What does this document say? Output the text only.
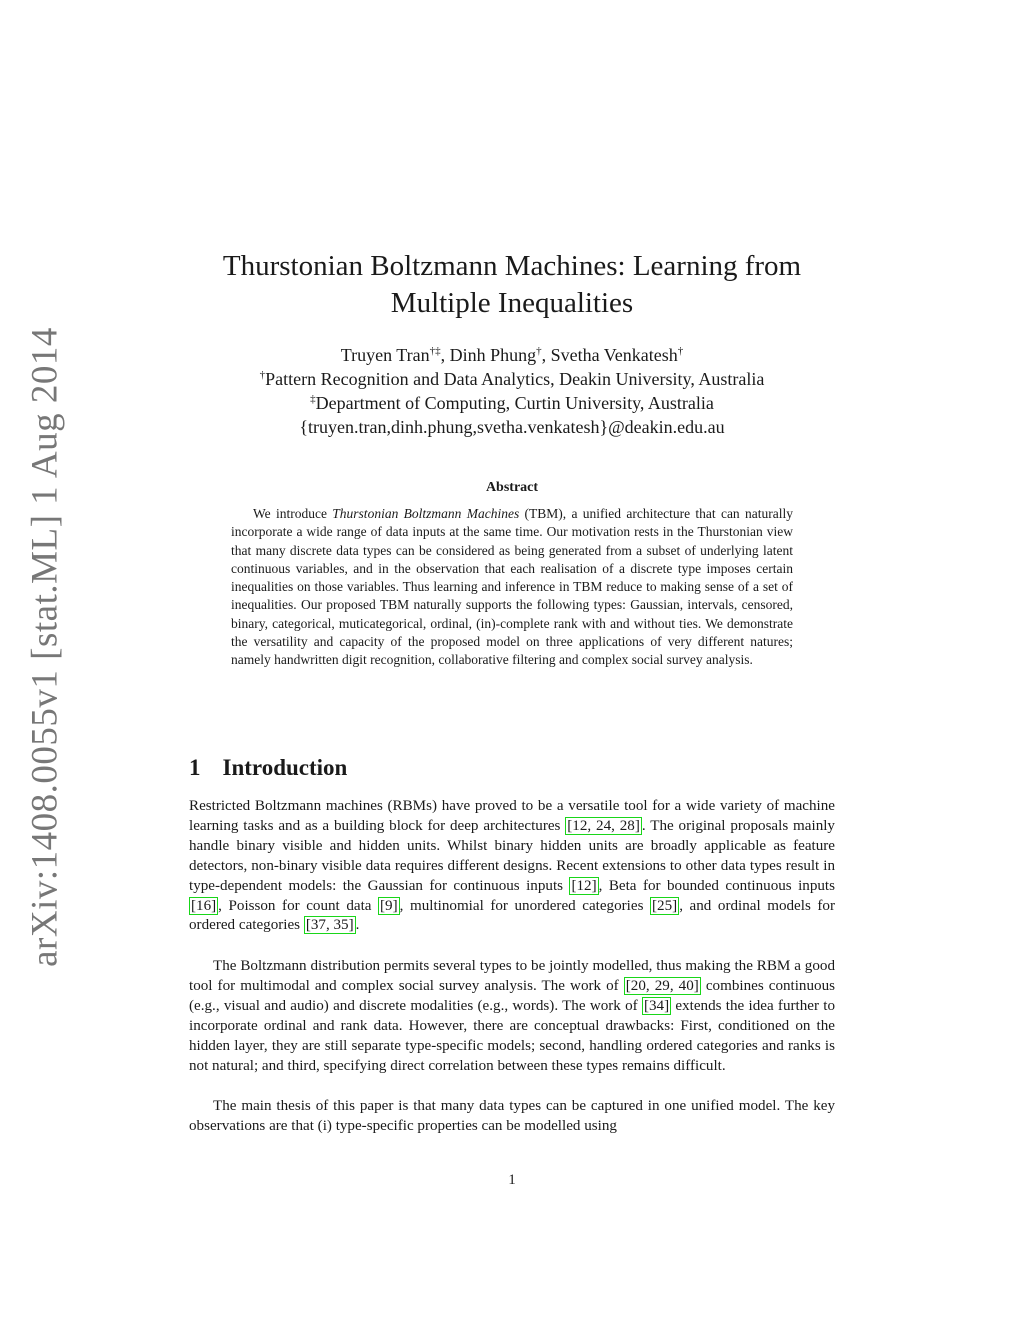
arXiv:1408.0055v1 [stat.ML] 1 Aug 2014
Thurstonian Boltzmann Machines: Learning from
Multiple Inequalities
Truyen Tran†‡, Dinh Phung†, Svetha Venkatesh†
†Pattern Recognition and Data Analytics, Deakin University, Australia
‡Department of Computing, Curtin University, Australia
{truyen.tran,dinh.phung,svetha.venkatesh}@deakin.edu.au
Abstract

We introduce Thurstonian Boltzmann Machines (TBM), a unified architecture that can naturally incorporate a wide range of data inputs at the same time. Our motivation rests in the Thurstonian view that many discrete data types can be considered as being generated from a subset of underlying latent continuous variables, and in the observation that each realisation of a discrete type imposes certain inequalities on those variables. Thus learning and inference in TBM reduce to making sense of a set of inequalities. Our proposed TBM naturally supports the following types: Gaussian, intervals, censored, binary, categorical, muticategorical, ordinal, (in)-complete rank with and without ties. We demonstrate the versatility and capacity of the proposed model on three applications of very different natures; namely handwritten digit recognition, collaborative filtering and complex social survey analysis.

1 Introduction

Restricted Boltzmann machines (RBMs) have proved to be a versatile tool for a wide variety of machine learning tasks and as a building block for deep architectures [12, 24, 28] . The original proposals mainly handle binary visible and hidden units. Whilst binary hidden units are broadly applicable as feature detectors, non-binary visible data requires different designs. Recent extensions to other data types result in type-dependent models: the Gaussian for continuous inputs [12] , Beta for bounded continuous inputs [16] , Poisson for count data [9] , multinomial for unordered categories [25] , and ordinal models for ordered categories [37, 35] .

The Boltzmann distribution permits several types to be jointly modelled, thus making the RBM a good tool for multimodal and complex social survey analysis. The work of [20, 29, 40] combines continuous (e.g., visual and audio) and discrete modalities (e.g., words). The work of [34] extends the idea further to incorporate ordinal and rank data. However, there are conceptual drawbacks: First, conditioned on the hidden layer, they are still separate type-specific models; second, handling ordered categories and ranks is not natural; and third, specifying direct correlation between these types remains difficult.

The main thesis of this paper is that many data types can be captured in one unified model. The key observations are that (i) type-specific properties can be modelled using

1
